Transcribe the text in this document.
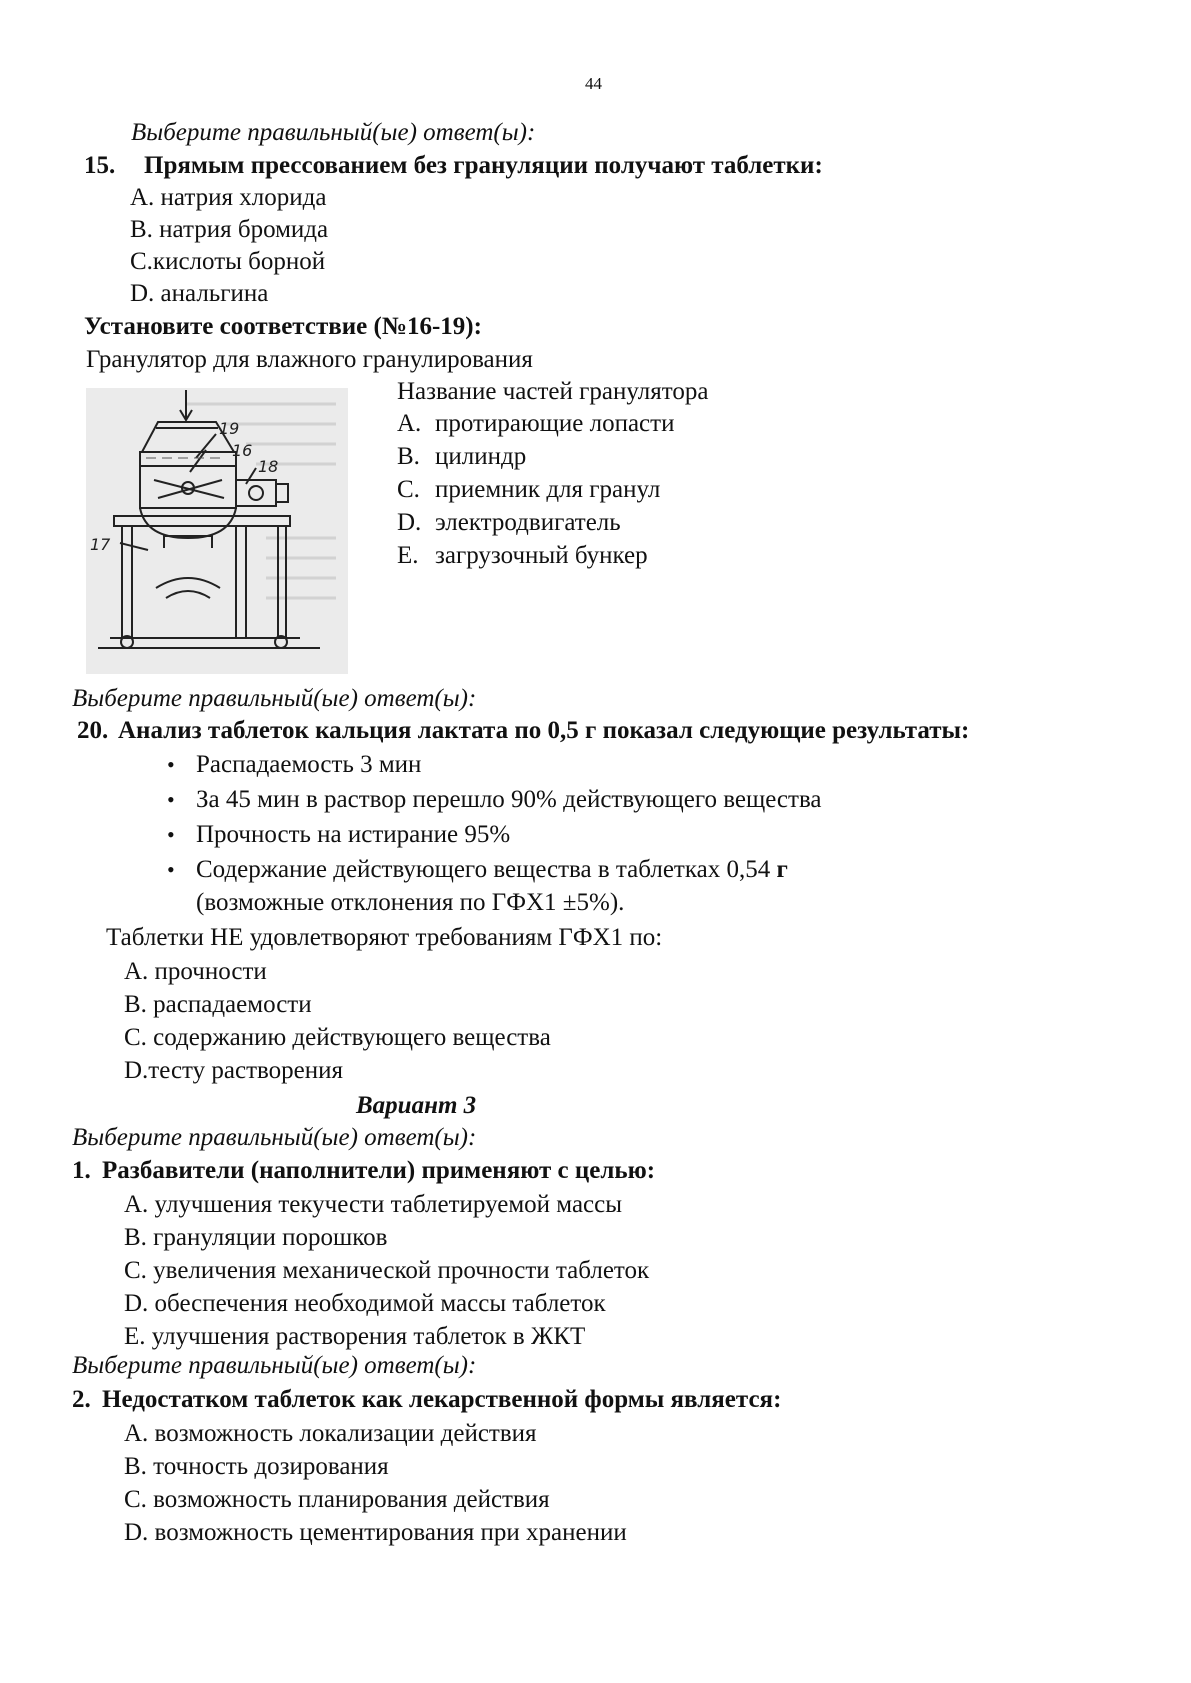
44
Выберите правильный(ые) ответ(ы):
15. Прямым прессованием без грануляции получают таблетки:
A. натрия хлорида
B. натрия бромида
C.кислоты борной
D. анальгина
Установите соответствие (№16-19):
Гранулятор для влажного гранулирования
Название частей гранулятора
A. протирающие лопасти
B. цилиндр
C. приемник для гранул
D. электродвигатель
E. загрузочный бункер
19
16
18
17
Выберите правильный(ые) ответ(ы):
20. Анализ таблеток кальция лактата по 0,5 г показал следующие результаты:
• Распадаемость 3 мин
• За 45 мин в раствор перешло 90% действующего вещества
• Прочность на истирание 95%
• Содержание действующего вещества в таблетках 0,54 г
(возможные отклонения по ГФХ1 ±5%).
Таблетки НЕ удовлетворяют требованиям ГФХ1 по:
A. прочности
B. распадаемости
C. содержанию действующего вещества
D.тесту растворения
Вариант 3
Выберите правильный(ые) ответ(ы):
1. Разбавители (наполнители) применяют с целью:
A. улучшения текучести таблетируемой массы
B. грануляции порошков
C. увеличения механической прочности таблеток
D. обеспечения необходимой массы таблеток
E. улучшения растворения таблеток в ЖКТ
Выберите правильный(ые) ответ(ы):
2. Недостатком таблеток как лекарственной формы является:
A. возможность локализации действия
B. точность дозирования
C. возможность планирования действия
D. возможность цементирования при хранении
